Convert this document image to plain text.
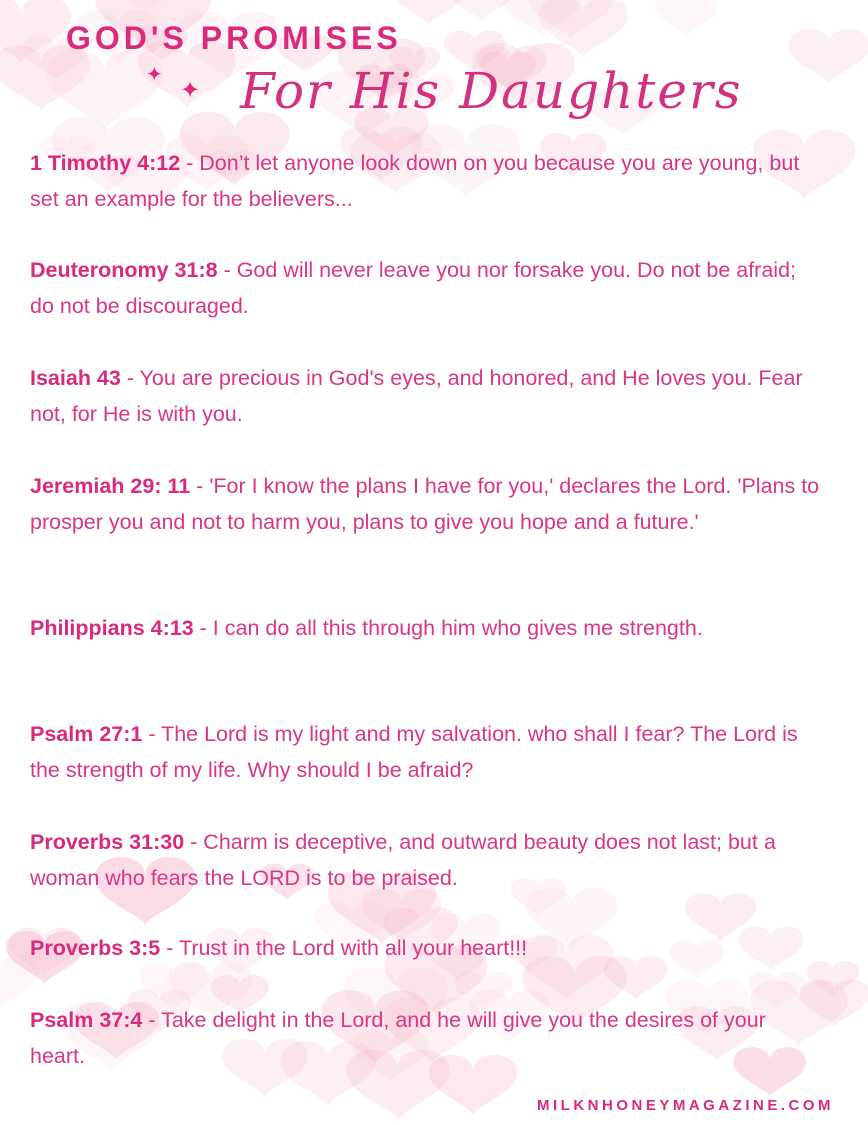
GOD'S PROMISES
✦
✦ For His Daughters
1 Timothy 4:12 - Don’t let anyone look down on you because you are young, but set an example for the believers...
Deuteronomy 31:8 - God will never leave you nor forsake you. Do not be afraid; do not be discouraged.
Isaiah 43 - You are precious in God's eyes, and honored, and He loves you. Fear not, for He is with you.
Jeremiah 29: 11 - 'For I know the plans I have for you,' declares the Lord. 'Plans to prosper you and not to harm you, plans to give you hope and a future.'
Philippians 4:13 - I can do all this through him who gives me strength.
Psalm 27:1 - The Lord is my light and my salvation. who shall I fear? The Lord is the strength of my life. Why should I be afraid?
Proverbs 31:30 - Charm is deceptive, and outward beauty does not last; but a woman who fears the LORD is to be praised.
Proverbs 3:5 - Trust in the Lord with all your heart!!!
Psalm 37:4 - Take delight in the Lord, and he will give you the desires of your heart.
MILKNHONEYMAGAZINE.COM
